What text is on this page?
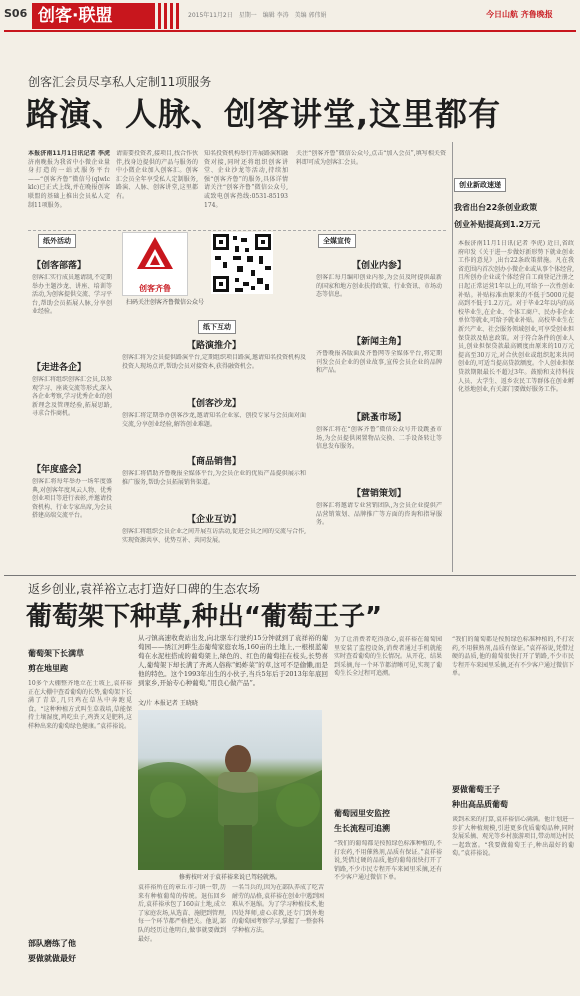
S06 创客·联盟	2015年11月2日　星期一　编辑 李涛　美编 郭伟娟	今日山航 齐鲁晚报
创客汇会员尽享私人定制11项服务
路演、人脉、创客讲堂,这里都有
本报济南11月1日讯记者 李虎 济南晚报为我省中小微企业量身打造的一站式服务平台——“创客齐鲁”微信号(qlwlcklc)已正式上线,并在晚报创客联盟的基础上推出会员私人定制11项服务。
请需要投资者,接项目,找合作伙伴,找身边提供的产品与服务的中小微企业加入创客汇。创客汇会员全年享受私人定制服务,路演、人脉、创客讲堂,这里都有。
知名投资机构举行开展路演和融资对接,同时还将组织创客讲堂、企业沙龙等活动,持续加强“创客齐鲁”的服务,具体详情请关注“创客齐鲁”微信公众号,或致电创客热线:0531-85193174。
关注“创客齐鲁”微信公众号,点击“加入会员”,填写相关资料即可成为创客汇会员。
创业新政速递
我省出台22条创业政策
创业补贴提高到1.2万元
本报济南11月1日讯(记者 李虎) 近日,省政府印发《关于进一步做好新形势下就业创业工作的意见》,出台22条政策措施。凡在我省范围内首次创办小微企业或从事个体经营,且所创办企业或个体经营自工商登记注册之日起正常运营1年以上的,可给予一次性创业补贴。补贴标准由原来的不低于5000元提高到不低于1.2万元。对于毕业2年以内的高校毕业生,在企业、个体工商户、民办非企业单位等就业,可给予就业补贴。高校毕业生在新兴产业、社会服务领域创业,可享受创业担保贷款及贴息政策。对于符合条件的创业人员,创业担保贷款最高额度由原来的10万元提高至30万元,对合伙创业或组织起来共同创业的,可适当提高贷款额度。个人创业担保贷款期限最长不超过3年。鼓励和支持科技人员、大学生、返乡农民工等群体在创业孵化基地创业,有关部门要做好服务工作。
纸外活动
纸下互动
全媒宣传
创客齐鲁
扫码关注创客齐鲁微信公众号
【创客部落】
创客汇实行成员邀请制,不定期举办主题沙龙、讲座、培训等活动,为创客提供交流、学习平台,帮助会员拓展人脉,分享创业经验。
【走进各企】
创客汇将组织创客汇会员,以参观学习、座谈交流等形式,深入各企业考察,学习优秀企业的创新理念及管理经验,拓展思路,寻求合作商机。
【年度盛会】
创客汇将每年举办一场年度盛典,对创客年度风云人物、优秀创业项目等进行表彰,并邀请投资机构、行业专家出席,为会员搭建高端交流平台。
【路演推介】
创客汇将为会员提供路演平台,定期组织项目路演,邀请知名投资机构及投资人现场点评,帮助会员对接资本,获得融资机会。
【创客沙龙】
创客汇将定期举办创客沙龙,邀请知名企业家、创投专家与会员面对面交流,分享创业经验,解答创业难题。
【商品销售】
创客汇将借助齐鲁晚报全媒体平台,为会员企业的优质产品提供展示和推广服务,帮助会员拓展销售渠道。
【企业互访】
创客汇将组织会员企业之间开展互访活动,促进会员之间的交流与合作,实现资源共享、优势互补、共同发展。
【创业内参】
创客汇每月编印创业内参,为会员及时提供最新的国家和地方创业扶持政策、行业资讯、市场动态等信息。
【新闻主角】
齐鲁晚报各版面及齐鲁网等全媒体平台,将定期刊发会员企业的创业故事,宣传会员企业的品牌和产品。
【跳蚤市场】
创客汇将在“创客齐鲁”微信公众号开设跳蚤市场,为会员提供闲置物品交换、二手设备转让等信息发布服务。
【营销策划】
创客汇将邀请专业营销团队,为会员企业提供产品营销策划、品牌推广等方面的咨询和指导服务。
返乡创业,袁祥裕立志打造好口碑的生态农场
葡萄架下种草,种出“葡萄王子”
葡萄架下长满草
剪在地里跑
10多个大棚整齐地立在土坡上,袁祥裕正在大棚中查看葡萄的长势,葡萄架下长满了青草,几只鸡在草丛中奔跑觅食。“这种种植方式叫生草栽培,草能保持土壤湿度,鸡吃虫子,鸡粪又是肥料,这样种出来的葡萄绿色健康。”袁祥裕说。
部队磨练了他
要做就做最好
从刁镇高速收费站出发,向北驱车行驶约15分钟就到了袁祥裕的葡萄园——绣江河畔生态葡萄家庭农场,160亩的土地上,一根根蓝葡萄在水泥柱搭成的葡萄架上,绿色的、红色的葡萄挂在枝头,长势喜人,葡萄架下却长满了齐离人俗称“蚂蚱菜”的草,这可不是偷懒,而是他的特色。这个1993年出生的小伙子,当兵5年后于2013年年底回到家乡,开始专心种葡萄,“用良心做产品”。
文/片 本报记者 王晓晓
修剪枝叶对于袁祥裕来说已驾轻就熟。
袁祥裕所在的章丘市刁镇一带,历来有种植葡萄的传统。退伍回乡后,袁祥裕承包了160亩土地,成立了家庭农场,从选苗、施肥到管理,每一个环节都严格把关。他说,部队的经历让他明白,做事就要做到最好。
一名当兵的,因为在部队养成了吃苦耐劳的品格,袁祥裕在创业中遇到困难从不退缩。为了学习种植技术,他四处拜师,虚心求教,还专门到外地的葡萄园考察学习,掌握了一整套科学种植方法。
为了让消费者吃得放心,袁祥裕在葡萄园里安装了监控设备,消费者通过手机就能实时查看葡萄的生长情况。从开花、结果到采摘,每一个环节都清晰可见,实现了葡萄生长全过程可追溯。
葡萄园里安监控
生长流程可追溯
“我们的葡萄都是按照绿色标准种植的,不打农药,不用催熟剂,品质有保证。”袁祥裕说,凭借过硬的品质,他的葡萄很快打开了销路,不少市民专程开车来园里采摘,还有不少客户通过微信下单。
“我们的葡萄都是按照绿色标准种植的,不打农药,不用催熟剂,品质有保证。”袁祥裕说,凭借过硬的品质,他的葡萄很快打开了销路,不少市民专程开车来园里采摘,还有不少客户通过微信下单。
要做葡萄王子
种出高品质葡萄
谈到未来的打算,袁祥裕信心满满。他计划进一步扩大种植规模,引进更多优质葡萄品种,同时发展采摘、观光等乡村旅游项目,带动周边村民一起致富。“我要做葡萄王子,种出最好的葡萄。”袁祥裕说。
